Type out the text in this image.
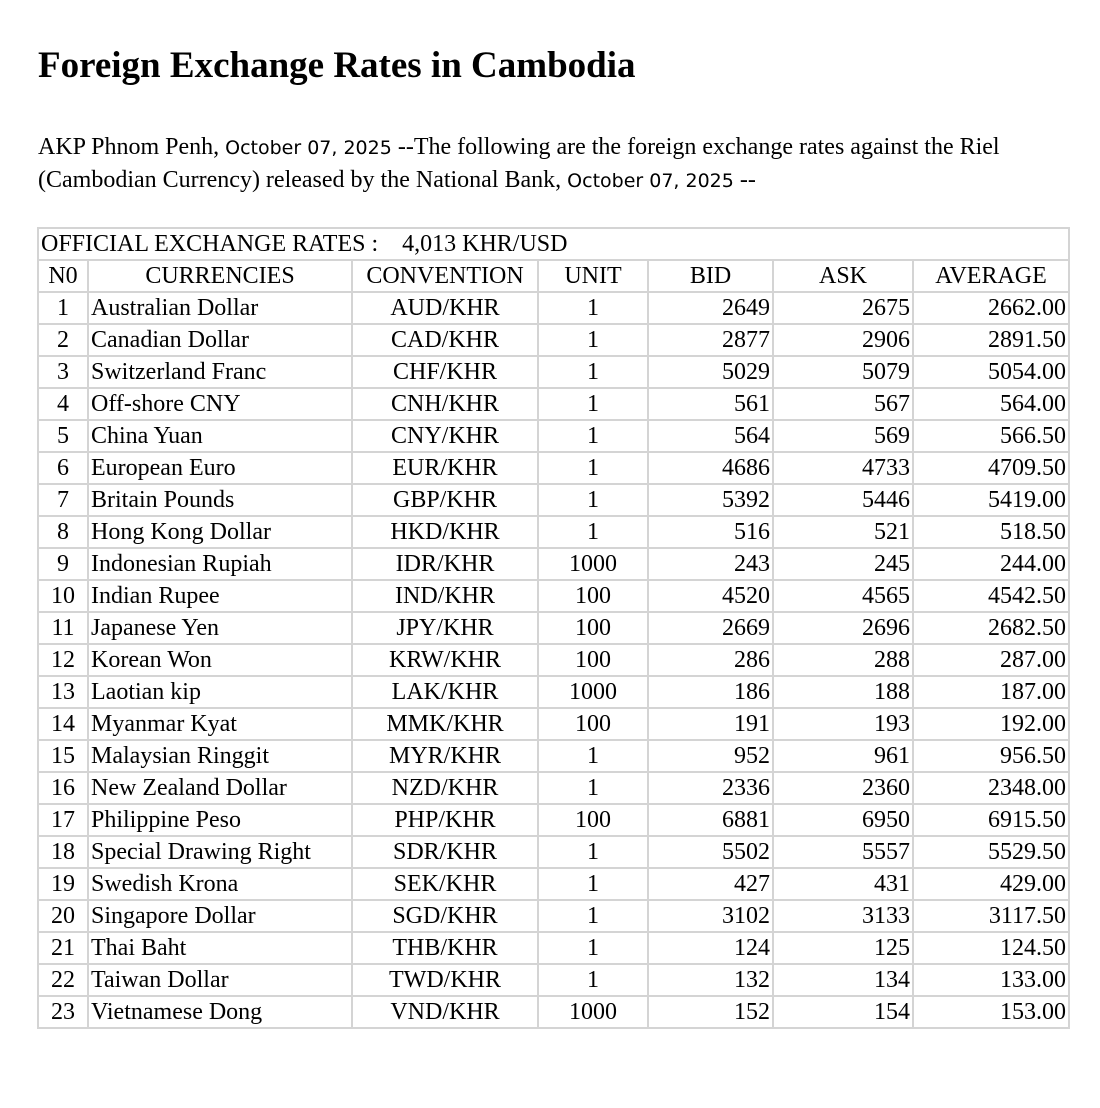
Foreign Exchange Rates in Cambodia

AKP Phnom Penh, October 07, 2025 --The following are the foreign exchange rates against the Riel (Cambodian Currency) released by the National Bank, October 07, 2025 --

OFFICIAL EXCHANGE RATES :    4,013 KHR/USD						
N0	CURRENCIES	CONVENTION	UNIT	BID	ASK	AVERAGE
1	Australian Dollar	AUD/KHR	1	2649	2675	2662.00
2	Canadian Dollar	CAD/KHR	1	2877	2906	2891.50
3	Switzerland Franc	CHF/KHR	1	5029	5079	5054.00
4	Off-shore CNY	CNH/KHR	1	561	567	564.00
5	China Yuan	CNY/KHR	1	564	569	566.50
6	European Euro	EUR/KHR	1	4686	4733	4709.50
7	Britain Pounds	GBP/KHR	1	5392	5446	5419.00
8	Hong Kong Dollar	HKD/KHR	1	516	521	518.50
9	Indonesian Rupiah	IDR/KHR	1000	243	245	244.00
10	Indian Rupee	IND/KHR	100	4520	4565	4542.50
11	Japanese Yen	JPY/KHR	100	2669	2696	2682.50
12	Korean Won	KRW/KHR	100	286	288	287.00
13	Laotian kip	LAK/KHR	1000	186	188	187.00
14	Myanmar Kyat	MMK/KHR	100	191	193	192.00
15	Malaysian Ringgit	MYR/KHR	1	952	961	956.50
16	New Zealand Dollar	NZD/KHR	1	2336	2360	2348.00
17	Philippine Peso	PHP/KHR	100	6881	6950	6915.50
18	Special Drawing Right	SDR/KHR	1	5502	5557	5529.50
19	Swedish Krona	SEK/KHR	1	427	431	429.00
20	Singapore Dollar	SGD/KHR	1	3102	3133	3117.50
21	Thai Baht	THB/KHR	1	124	125	124.50
22	Taiwan Dollar	TWD/KHR	1	132	134	133.00
23	Vietnamese Dong	VND/KHR	1000	152	154	153.00
